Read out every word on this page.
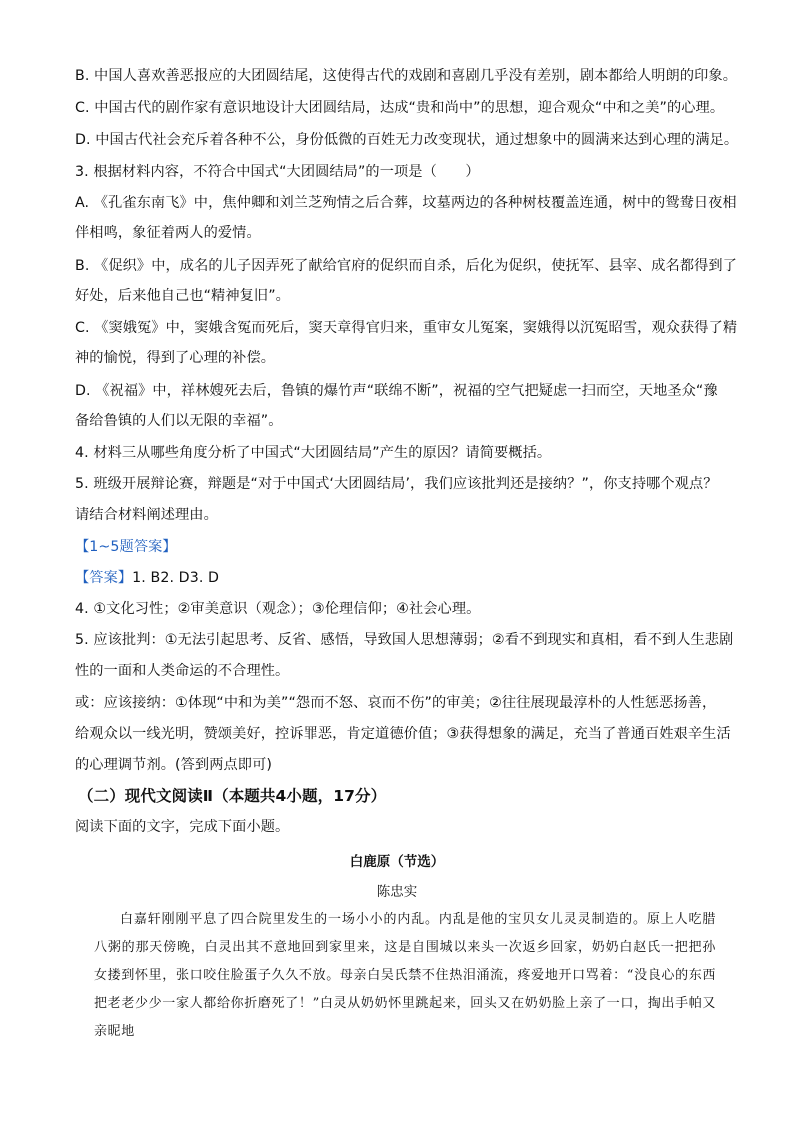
B. 中国人喜欢善恶报应的大团圆结尾，这使得古代的戏剧和喜剧几乎没有差别，剧本都给人明朗的印象。
C. 中国古代的剧作家有意识地设计大团圆结局，达成“贵和尚中”的思想，迎合观众“中和之美”的心理。
D. 中国古代社会充斥着各种不公，身份低微的百姓无力改变现状，通过想象中的圆满来达到心理的满足。
3. 根据材料内容，不符合中国式“大团圆结局”的一项是（　　）
A. 《孔雀东南飞》中，焦仲卿和刘兰芝殉情之后合葬，坟墓两边的各种树枝覆盖连通，树中的鸳鸯日夜相
伴相鸣，象征着两人的爱情。
B. 《促织》中，成名的儿子因弄死了献给官府的促织而自杀，后化为促织，使抚军、县宰、成名都得到了
好处，后来他自己也“精神复旧”。
C. 《窦娥冤》中，窦娥含冤而死后，窦天章得官归来，重审女儿冤案，窦娥得以沉冤昭雪，观众获得了精
神的愉悦，得到了心理的补偿。
D. 《祝福》中，祥林嫂死去后，鲁镇的爆竹声“联绵不断”，祝福的空气把疑虑一扫而空，天地圣众“豫
备给鲁镇的人们以无限的幸福”。
4. 材料三从哪些角度分析了中国式“大团圆结局”产生的原因？请简要概括。
5. 班级开展辩论赛，辩题是“对于中国式‘大团圆结局’，我们应该批判还是接纳？”，你支持哪个观点？
请结合材料阐述理由。
【1~5题答案】
【答案】1. B2. D3. D
4. ①文化习性；②审美意识（观念）；③伦理信仰；④社会心理。
5. 应该批判：①无法引起思考、反省、感悟，导致国人思想薄弱；②看不到现实和真相，看不到人生悲剧
性的一面和人类命运的不合理性。
或：应该接纳：①体现“中和为美”“怨而不怒、哀而不伤”的审美；②往往展现最淳朴的人性惩恶扬善，
给观众以一线光明，赞颂美好，控诉罪恶，肯定道德价值；③获得想象的满足，充当了普通百姓艰辛生活
的心理调节剂。(答到两点即可)
（二）现代文阅读Ⅱ（本题共4小题，17分）
阅读下面的文字，完成下面小题。
白鹿原（节选）
陈忠实

白嘉轩刚刚平息了四合院里发生的一场小小的内乱。内乱是他的宝贝女儿灵灵制造的。原上人吃腊八粥的那天傍晚，白灵出其不意地回到家里来，这是自围城以来头一次返乡回家，奶奶白赵氏一把把孙女搂到怀里，张口咬住脸蛋子久久不放。母亲白吴氏禁不住热泪涌流，疼爱地开口骂着：“没良心的东西把老老少少一家人都给你折磨死了！”白灵从奶奶怀里跳起来，回头又在奶奶脸上亲了一口，掏出手帕又亲昵地
